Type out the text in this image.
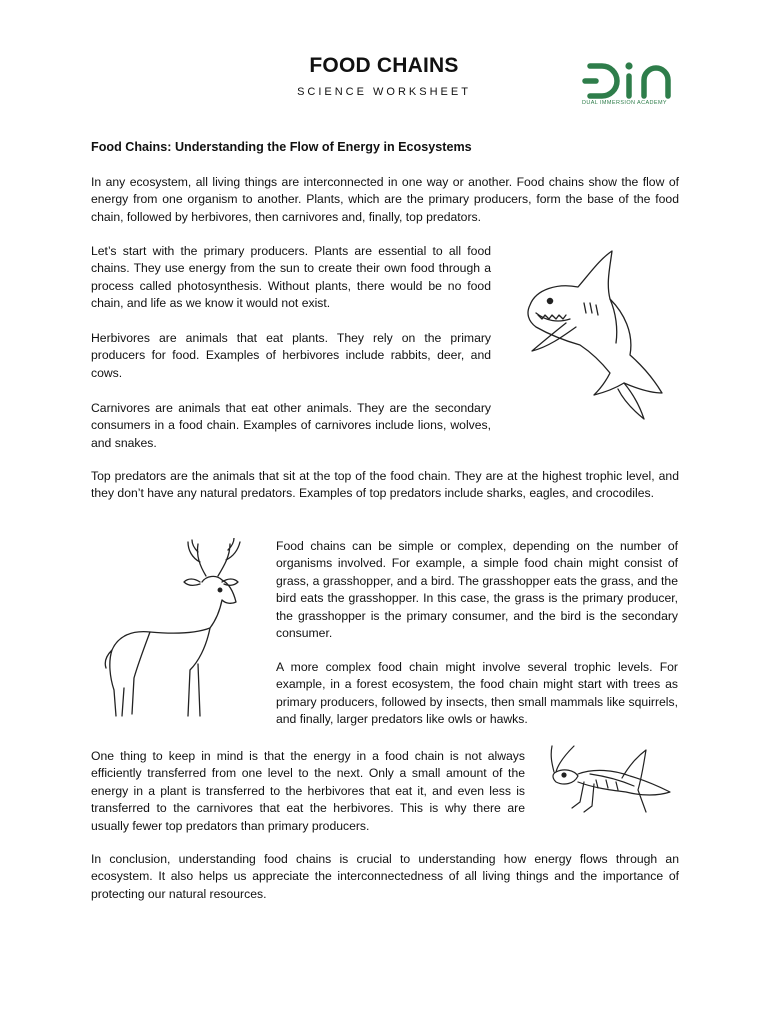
FOOD CHAINS
SCIENCE WORKSHEET
DUAL IMMERSION ACADEMY
Food Chains: Understanding the Flow of Energy in Ecosystems

In any ecosystem, all living things are interconnected in one way or another. Food chains show the flow of energy from one organism to another. Plants, which are the primary producers, form the base of the food chain, followed by herbivores, then carnivores and, finally, top predators.

Let’s start with the primary producers. Plants are essential to all food chains. They use energy from the sun to create their own food through a process called photosynthesis. Without plants, there would be no food chain, and life as we know it would not exist.

Herbivores are animals that eat plants. They rely on the primary producers for food. Examples of herbivores include rabbits, deer, and cows.

Carnivores are animals that eat other animals. They are the secondary consumers in a food chain. Examples of carnivores include lions, wolves, and snakes.

Top predators are the animals that sit at the top of the food chain. They are at the highest trophic level, and they don’t have any natural predators. Examples of top predators include sharks, eagles, and crocodiles.

Food chains can be simple or complex, depending on the number of organisms involved. For example, a simple food chain might consist of grass, a grasshopper, and a bird. The grasshopper eats the grass, and the bird eats the grasshopper. In this case, the grass is the primary producer, the grasshopper is the primary consumer, and the bird is the secondary consumer.

A more complex food chain might involve several trophic levels. For example, in a forest ecosystem, the food chain might start with trees as primary producers, followed by insects, then small mammals like squirrels, and finally, larger predators like owls or hawks.

One thing to keep in mind is that the energy in a food chain is not always efficiently transferred from one level to the next. Only a small amount of the energy in a plant is transferred to the herbivores that eat it, and even less is transferred to the carnivores that eat the herbivores. This is why there are usually fewer top predators than primary producers.

In conclusion, understanding food chains is crucial to understanding how energy flows through an ecosystem. It also helps us appreciate the interconnectedness of all living things and the importance of protecting our natural resources.
